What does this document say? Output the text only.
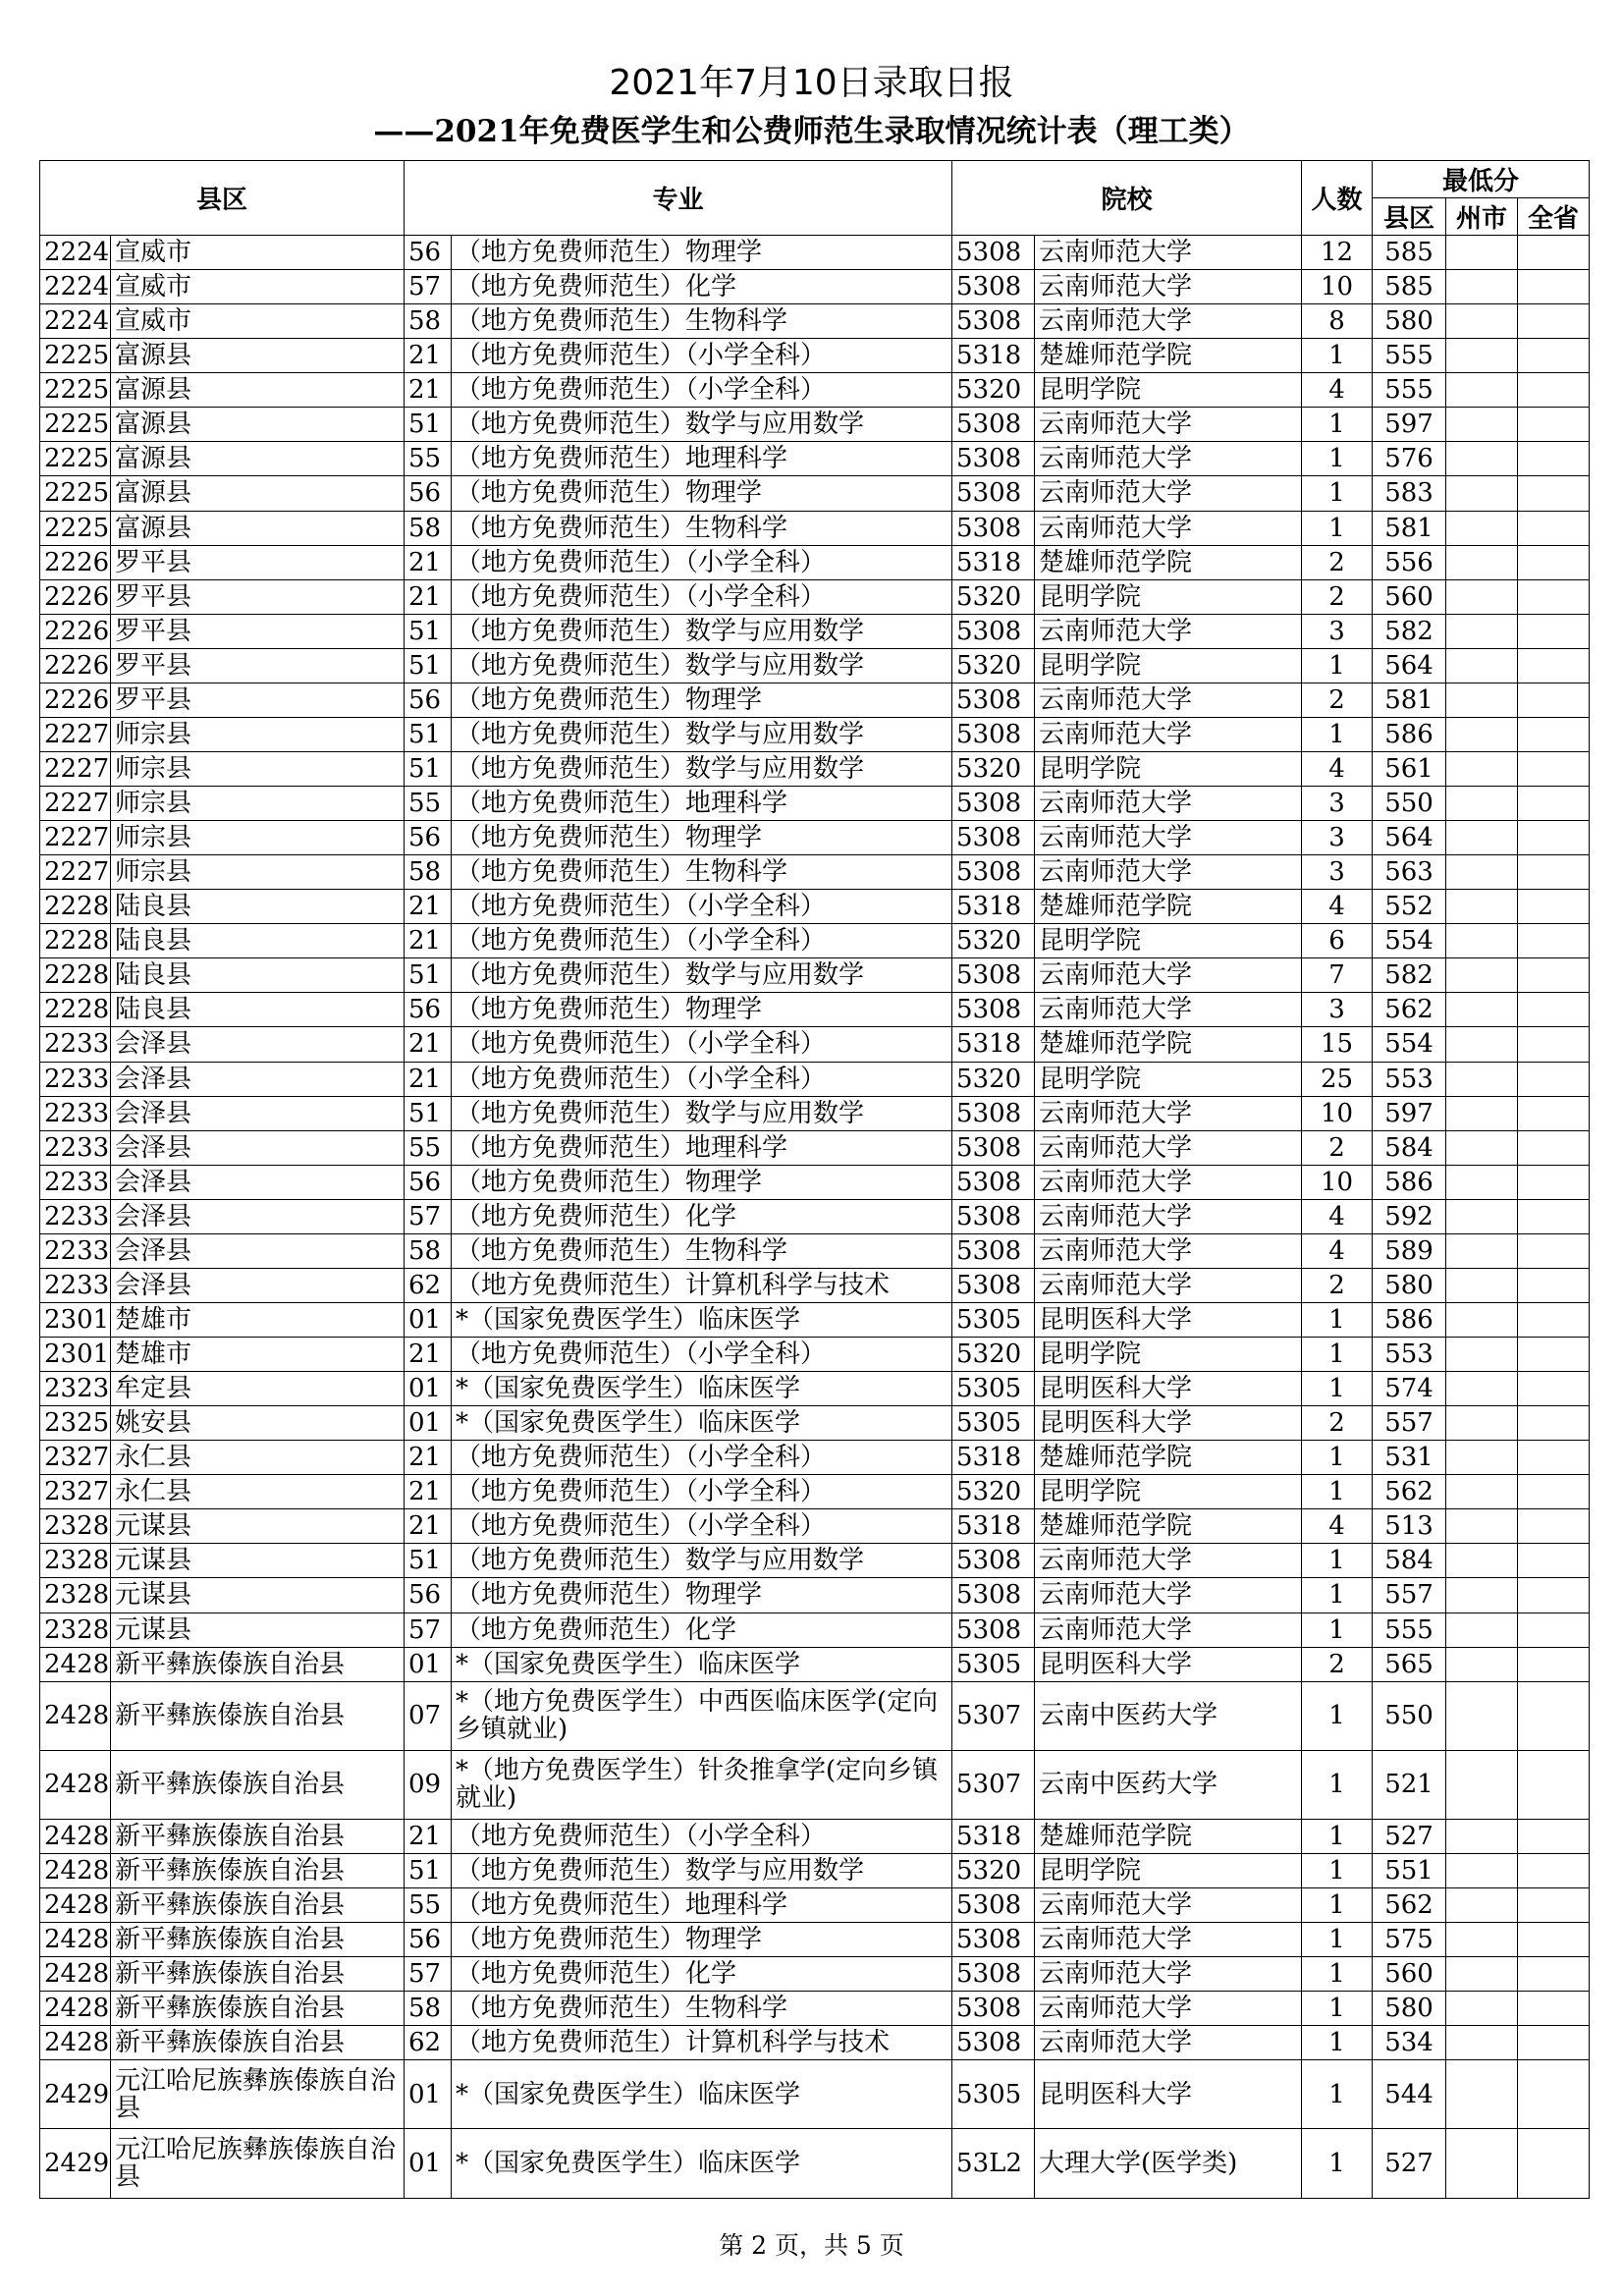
2021年7月10日录取日报
——2021年免费医学生和公费师范生录取情况统计表（理工类）
县区		专业		院校		人数	最低分		
							县区	州市	全省
2224	宣威市	56	（地方免费师范生）物理学	5308	云南师范大学	12	585		
2224	宣威市	57	（地方免费师范生）化学	5308	云南师范大学	10	585		
2224	宣威市	58	（地方免费师范生）生物科学	5308	云南师范大学	8	580		
2225	富源县	21	（地方免费师范生）（小学全科）	5318	楚雄师范学院	1	555		
2225	富源县	21	（地方免费师范生）（小学全科）	5320	昆明学院	4	555		
2225	富源县	51	（地方免费师范生）数学与应用数学	5308	云南师范大学	1	597		
2225	富源县	55	（地方免费师范生）地理科学	5308	云南师范大学	1	576		
2225	富源县	56	（地方免费师范生）物理学	5308	云南师范大学	1	583		
2225	富源县	58	（地方免费师范生）生物科学	5308	云南师范大学	1	581		
2226	罗平县	21	（地方免费师范生）（小学全科）	5318	楚雄师范学院	2	556		
2226	罗平县	21	（地方免费师范生）（小学全科）	5320	昆明学院	2	560		
2226	罗平县	51	（地方免费师范生）数学与应用数学	5308	云南师范大学	3	582		
2226	罗平县	51	（地方免费师范生）数学与应用数学	5320	昆明学院	1	564		
2226	罗平县	56	（地方免费师范生）物理学	5308	云南师范大学	2	581		
2227	师宗县	51	（地方免费师范生）数学与应用数学	5308	云南师范大学	1	586		
2227	师宗县	51	（地方免费师范生）数学与应用数学	5320	昆明学院	4	561		
2227	师宗县	55	（地方免费师范生）地理科学	5308	云南师范大学	3	550		
2227	师宗县	56	（地方免费师范生）物理学	5308	云南师范大学	3	564		
2227	师宗县	58	（地方免费师范生）生物科学	5308	云南师范大学	3	563		
2228	陆良县	21	（地方免费师范生）（小学全科）	5318	楚雄师范学院	4	552		
2228	陆良县	21	（地方免费师范生）（小学全科）	5320	昆明学院	6	554		
2228	陆良县	51	（地方免费师范生）数学与应用数学	5308	云南师范大学	7	582		
2228	陆良县	56	（地方免费师范生）物理学	5308	云南师范大学	3	562		
2233	会泽县	21	（地方免费师范生）（小学全科）	5318	楚雄师范学院	15	554		
2233	会泽县	21	（地方免费师范生）（小学全科）	5320	昆明学院	25	553		
2233	会泽县	51	（地方免费师范生）数学与应用数学	5308	云南师范大学	10	597		
2233	会泽县	55	（地方免费师范生）地理科学	5308	云南师范大学	2	584		
2233	会泽县	56	（地方免费师范生）物理学	5308	云南师范大学	10	586		
2233	会泽县	57	（地方免费师范生）化学	5308	云南师范大学	4	592		
2233	会泽县	58	（地方免费师范生）生物科学	5308	云南师范大学	4	589		
2233	会泽县	62	（地方免费师范生）计算机科学与技术	5308	云南师范大学	2	580		
2301	楚雄市	01	*（国家免费医学生）临床医学	5305	昆明医科大学	1	586		
2301	楚雄市	21	（地方免费师范生）（小学全科）	5320	昆明学院	1	553		
2323	牟定县	01	*（国家免费医学生）临床医学	5305	昆明医科大学	1	574		
2325	姚安县	01	*（国家免费医学生）临床医学	5305	昆明医科大学	2	557		
2327	永仁县	21	（地方免费师范生）（小学全科）	5318	楚雄师范学院	1	531		
2327	永仁县	21	（地方免费师范生）（小学全科）	5320	昆明学院	1	562		
2328	元谋县	21	（地方免费师范生）（小学全科）	5318	楚雄师范学院	4	513		
2328	元谋县	51	（地方免费师范生）数学与应用数学	5308	云南师范大学	1	584		
2328	元谋县	56	（地方免费师范生）物理学	5308	云南师范大学	1	557		
2328	元谋县	57	（地方免费师范生）化学	5308	云南师范大学	1	555		
2428	新平彝族傣族自治县	01	*（国家免费医学生）临床医学	5305	昆明医科大学	2	565		
2428	新平彝族傣族自治县	07	*（地方免费医学生）中西医临床医学(定向乡镇就业)	5307	云南中医药大学	1	550		
2428	新平彝族傣族自治县	09	*（地方免费医学生）针灸推拿学(定向乡镇就业)	5307	云南中医药大学	1	521		
2428	新平彝族傣族自治县	21	（地方免费师范生）（小学全科）	5318	楚雄师范学院	1	527		
2428	新平彝族傣族自治县	51	（地方免费师范生）数学与应用数学	5320	昆明学院	1	551		
2428	新平彝族傣族自治县	55	（地方免费师范生）地理科学	5308	云南师范大学	1	562		
2428	新平彝族傣族自治县	56	（地方免费师范生）物理学	5308	云南师范大学	1	575		
2428	新平彝族傣族自治县	57	（地方免费师范生）化学	5308	云南师范大学	1	560		
2428	新平彝族傣族自治县	58	（地方免费师范生）生物科学	5308	云南师范大学	1	580		
2428	新平彝族傣族自治县	62	（地方免费师范生）计算机科学与技术	5308	云南师范大学	1	534		
2429	元江哈尼族彝族傣族自治县	01	*（国家免费医学生）临床医学	5305	昆明医科大学	1	544		
2429	元江哈尼族彝族傣族自治县	01	*（国家免费医学生）临床医学	53L2	大理大学(医学类)	1	527		
第 2 页，共 5 页
